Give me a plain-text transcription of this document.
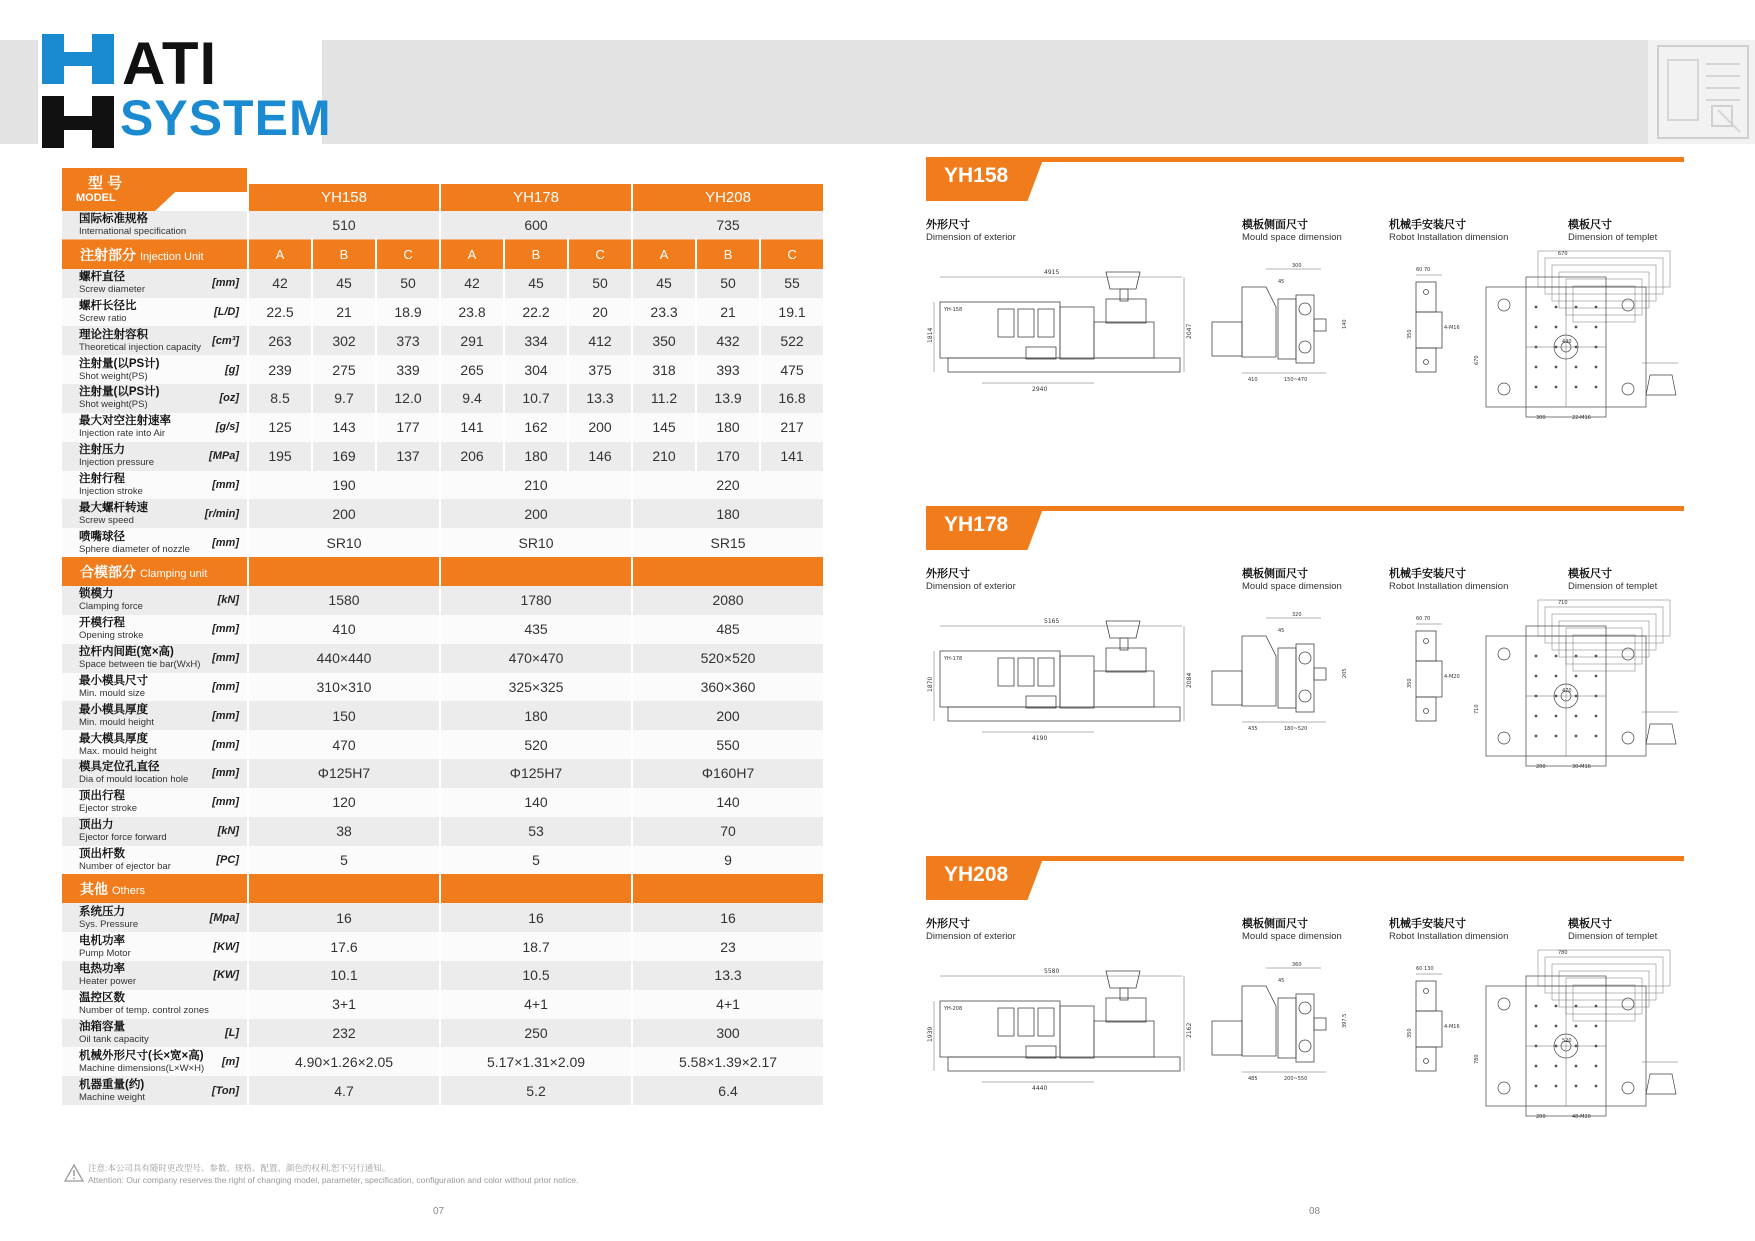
ATI
SYSTEM
型 号
MODEL	YH158			YH178			YH208		

国际标准规格
International specification	510			600			735		
注射部分 Injection Unit	A	B	C	A	B	C	A	B	C

螺杆直径
Screw diameter
[mm]	42	45	50	42	45	50	45	50	55

螺杆长径比
Screw ratio
[L/D]	22.5	21	18.9	23.8	22.2	20	23.3	21	19.1

理论注射容积
Theoretical injection capacity
[cm³]	263	302	373	291	334	412	350	432	522

注射量(以PS计)
Shot weight(PS)
[g]	239	275	339	265	304	375	318	393	475

注射量(以PS计)
Shot weight(PS)
[oz]	8.5	9.7	12.0	9.4	10.7	13.3	11.2	13.9	16.8

最大对空注射速率
Injection rate into Air
[g/s]	125	143	177	141	162	200	145	180	217

注射压力
Injection pressure
[MPa]	195	169	137	206	180	146	210	170	141

注射行程
Injection stroke
[mm]	190			210			220		

最大螺杆转速
Screw speed
[r/min]	200			200			180		

喷嘴球径
Sphere diameter of nozzle
[mm]	SR10			SR10			SR15		
合模部分 Clamping unit									

锁模力
Clamping force
[kN]	1580			1780			2080		

开模行程
Opening stroke
[mm]	410			435			485		

拉杆内间距(宽×高)
Space between tie bar(WxH)
[mm]	440×440			470×470			520×520		

最小模具尺寸
Min. mould size
[mm]	310×310			325×325			360×360		

最小模具厚度
Min. mould height
[mm]	150			180			200		

最大模具厚度
Max. mould height
[mm]	470			520			550		

模具定位孔直径
Dia of mould location hole
[mm]	Φ125H7			Φ125H7			Φ160H7		

顶出行程
Ejector stroke
[mm]	120			140			140		

顶出力
Ejector force forward
[kN]	38			53			70		

顶出杆数
Number of ejector bar
[PC]	5			5			9		
其他 Others									

系统压力
Sys. Pressure
[Mpa]	16			16			16		

电机功率
Pump Motor
[KW]	17.6			18.7			23		

电热功率
Heater power
[KW]	10.1			10.5			13.3		

温控区数
Number of temp. control zones	3+1			4+1			4+1		

油箱容量
Oil tank capacity
[L]	232			250			300		

机械外形尺寸(长×宽×高)
Machine dimensions(L×W×H)
[m]	4.90×1.26×2.05			5.17×1.31×2.09			5.58×1.39×2.17		

机器重量(约)
Machine weight
[Ton]	4.7			5.2			6.4		
注意:本公司具有随时更改型号、参数、规格、配置、颜色的权利,恕不另行通知。
Attention: Our company reserves the right of changing model, parameter, specification, configuration and color without prior notice.
07	08
YH158
外形尺寸
Dimension of exterior
模板侧面尺寸
Mould space dimension
机械手安装尺寸
Robot Installation dimension
模板尺寸
Dimension of templet
4915
2940
1814	2047
YH-158
300
45
410	150~470
140
60 70
4-M16
350
670
670
440
300	22-M16
YH178
外形尺寸
Dimension of exterior
模板侧面尺寸
Mould space dimension
机械手安装尺寸
Robot Installation dimension
模板尺寸
Dimension of templet
5165
4190
1870	2084
YH-178
320
45
435	180~520
205
60 70
4-M20
350
710
710
470
200	30-M16
YH208
外形尺寸
Dimension of exterior
模板侧面尺寸
Mould space dimension
机械手安装尺寸
Robot Installation dimension
模板尺寸
Dimension of templet
5580
4440
1939	2162
YH-208
360
45
485	200~550
397.5
60 130
4-M16
350
780
780
520
200	48-M20
